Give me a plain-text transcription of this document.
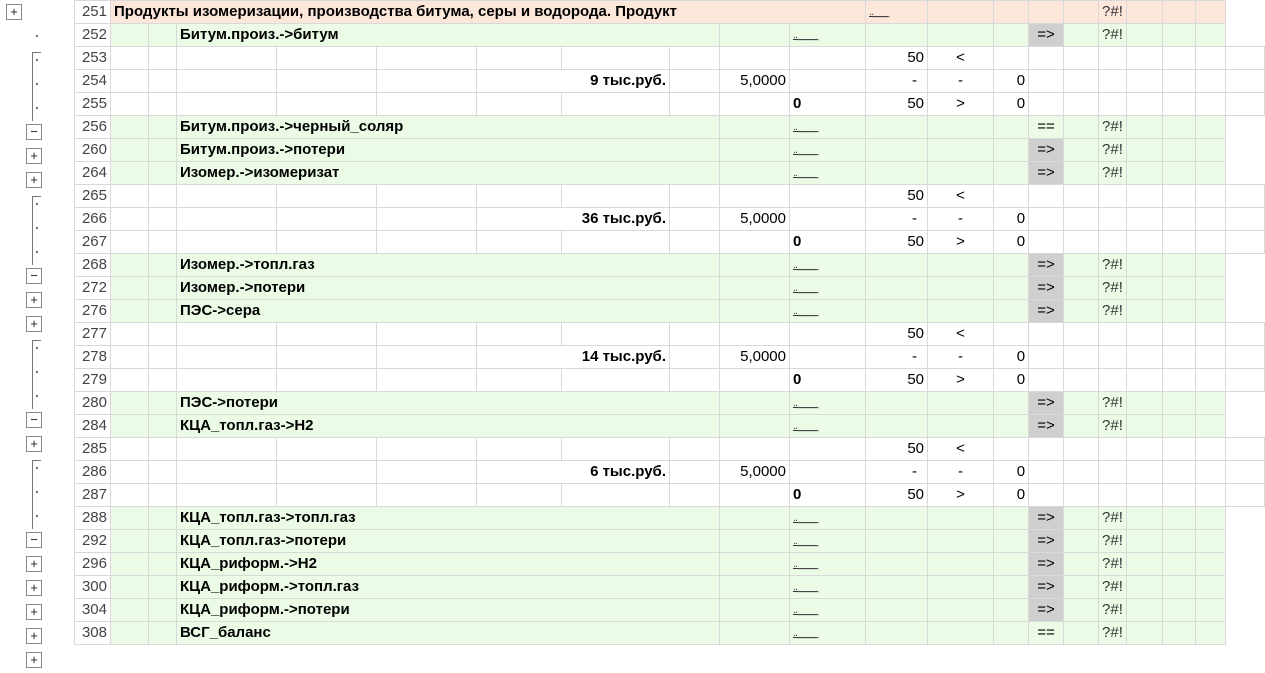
+
−
+
+
−
+
+
−
+
−
+
+
+
+
+
251	Продукты изомеризации, производства битума, серы и водорода. Продукт										..___					?#!				
252			Битум.произ.->битум							..____				=>		?#!				
253											50	<								
254						9 тыс.руб.			5,0000		-	-	0							
255										0	50	>	0							
256			Битум.произ.->черный_соляр							..____				==		?#!				
260			Битум.произ.->потери							..____				=>		?#!				
264			Изомер.->изомеризат							..____				=>		?#!				
265											50	<								
266						36 тыс.руб.			5,0000		-	-	0							
267										0	50	>	0							
268			Изомер.->топл.газ							..____				=>		?#!				
272			Изомер.->потери							..____				=>		?#!				
276			ПЭС->сера							..____				=>		?#!				
277											50	<								
278						14 тыс.руб.			5,0000		-	-	0							
279										0	50	>	0							
280			ПЭС->потери							..____				=>		?#!				
284			КЦА_топл.газ->H2							..____				=>		?#!				
285											50	<								
286						6 тыс.руб.			5,0000		-	-	0							
287										0	50	>	0							
288			КЦА_топл.газ->топл.газ							..____				=>		?#!				
292			КЦА_топл.газ->потери							..____				=>		?#!				
296			КЦА_риформ.->H2							..____				=>		?#!				
300			КЦА_риформ.->топл.газ							..____				=>		?#!				
304			КЦА_риформ.->потери							..____				=>		?#!				
308			ВСГ_баланс							..____				==		?#!				
